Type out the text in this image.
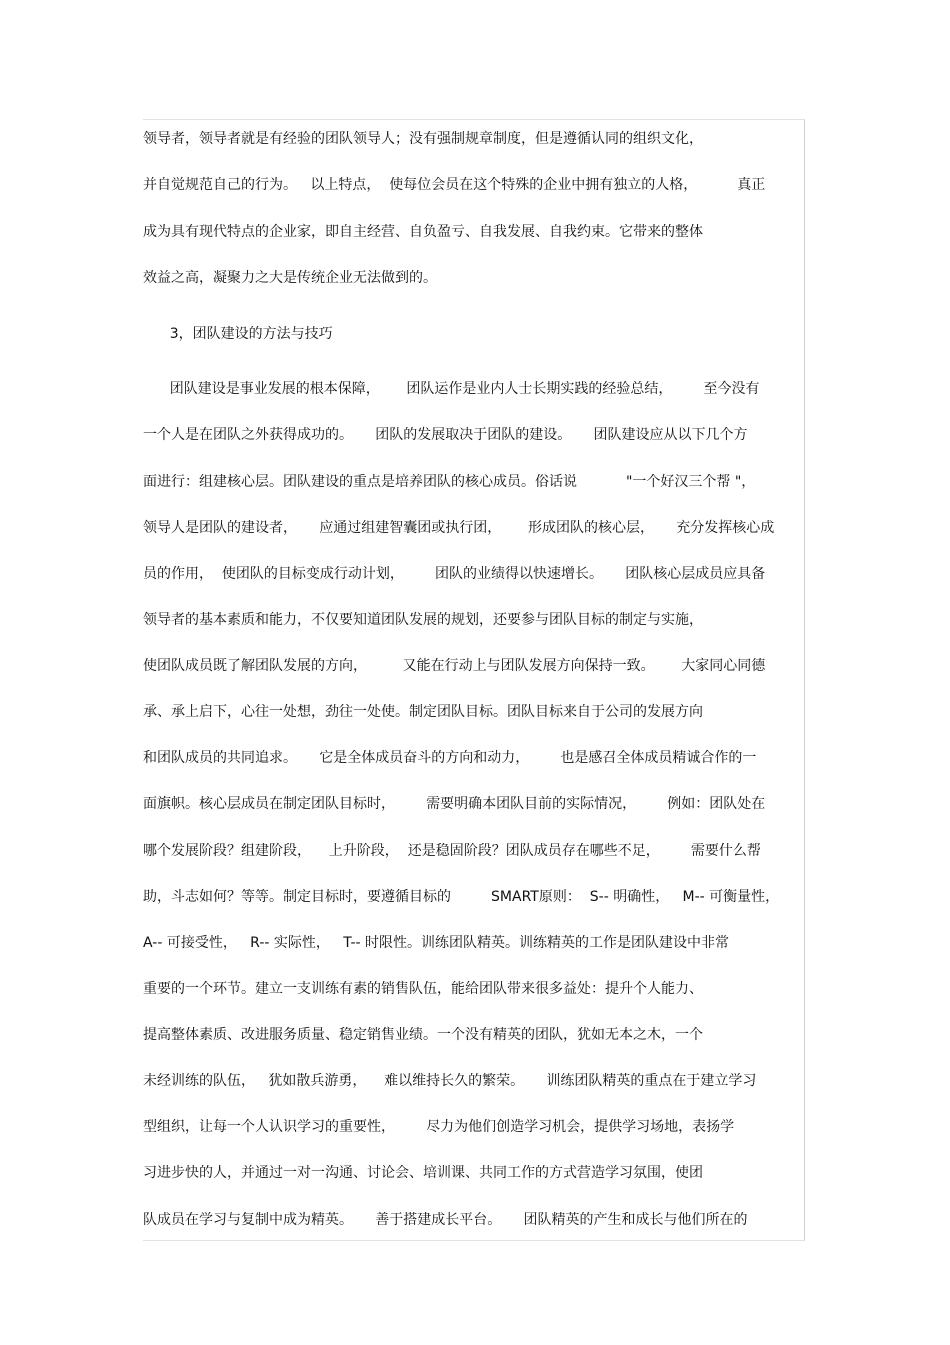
领导者，领导者就是有经验的团队领导人；没有强制规章制度，但是遵循认同的组织文化，
并自觉规范自己的行为。   以上特点，  使每位会员在这个特殊的企业中拥有独立的人格，         真正
成为具有现代特点的企业家，即自主经营、自负盈亏、自我发展、自我约束。它带来的整体
效益之高，凝聚力之大是传统企业无法做到的。
3，团队建设的方法与技巧
团队建设是事业发展的根本保障，      团队运作是业内人士长期实践的经验总结，       至今没有
一个人是在团队之外获得成功的。     团队的发展取决于团队的建设。     团队建设应从以下几个方
面进行：组建核心层。团队建设的重点是培养团队的核心成员。俗话说           "一个好汉三个帮 "，
领导人是团队的建设者，     应通过组建智囊团或执行团，      形成团队的核心层，     充分发挥核心成
员的作用，  使团队的目标变成行动计划，       团队的业绩得以快速增长。     团队核心层成员应具备
领导者的基本素质和能力，不仅要知道团队发展的规划，还要参与团队目标的制定与实施，
使团队成员既了解团队发展的方向，        又能在行动上与团队发展方向保持一致。      大家同心同德
承、承上启下，心往一处想，劲往一处使。制定团队目标。团队目标来自于公司的发展方向
和团队成员的共同追求。     它是全体成员奋斗的方向和动力，       也是感召全体成员精诚合作的一
面旗帜。核心层成员在制定团队目标时，       需要明确本团队目前的实际情况，       例如：团队处在
哪个发展阶段？组建阶段，    上升阶段，  还是稳固阶段？团队成员存在哪些不足，       需要什么帮
助，斗志如何？等等。制定目标时，要遵循目标的         SMART原则：  S-- 明确性，   M-- 可衡量性，
A-- 可接受性，   R-- 实际性，   T-- 时限性。训练团队精英。训练精英的工作是团队建设中非常
重要的一个环节。建立一支训练有素的销售队伍，能给团队带来很多益处：提升个人能力、
提高整体素质、改进服务质量、稳定销售业绩。一个没有精英的团队，犹如无本之木，一个
未经训练的队伍，   犹如散兵游勇，    难以维持长久的繁荣。     训练团队精英的重点在于建立学习
型组织，让每一个人认识学习的重要性，       尽力为他们创造学习机会，提供学习场地，表扬学
习进步快的人，并通过一对一沟通、讨论会、培训课、共同工作的方式营造学习氛围，使团
队成员在学习与复制中成为精英。     善于搭建成长平台。     团队精英的产生和成长与他们所在的
